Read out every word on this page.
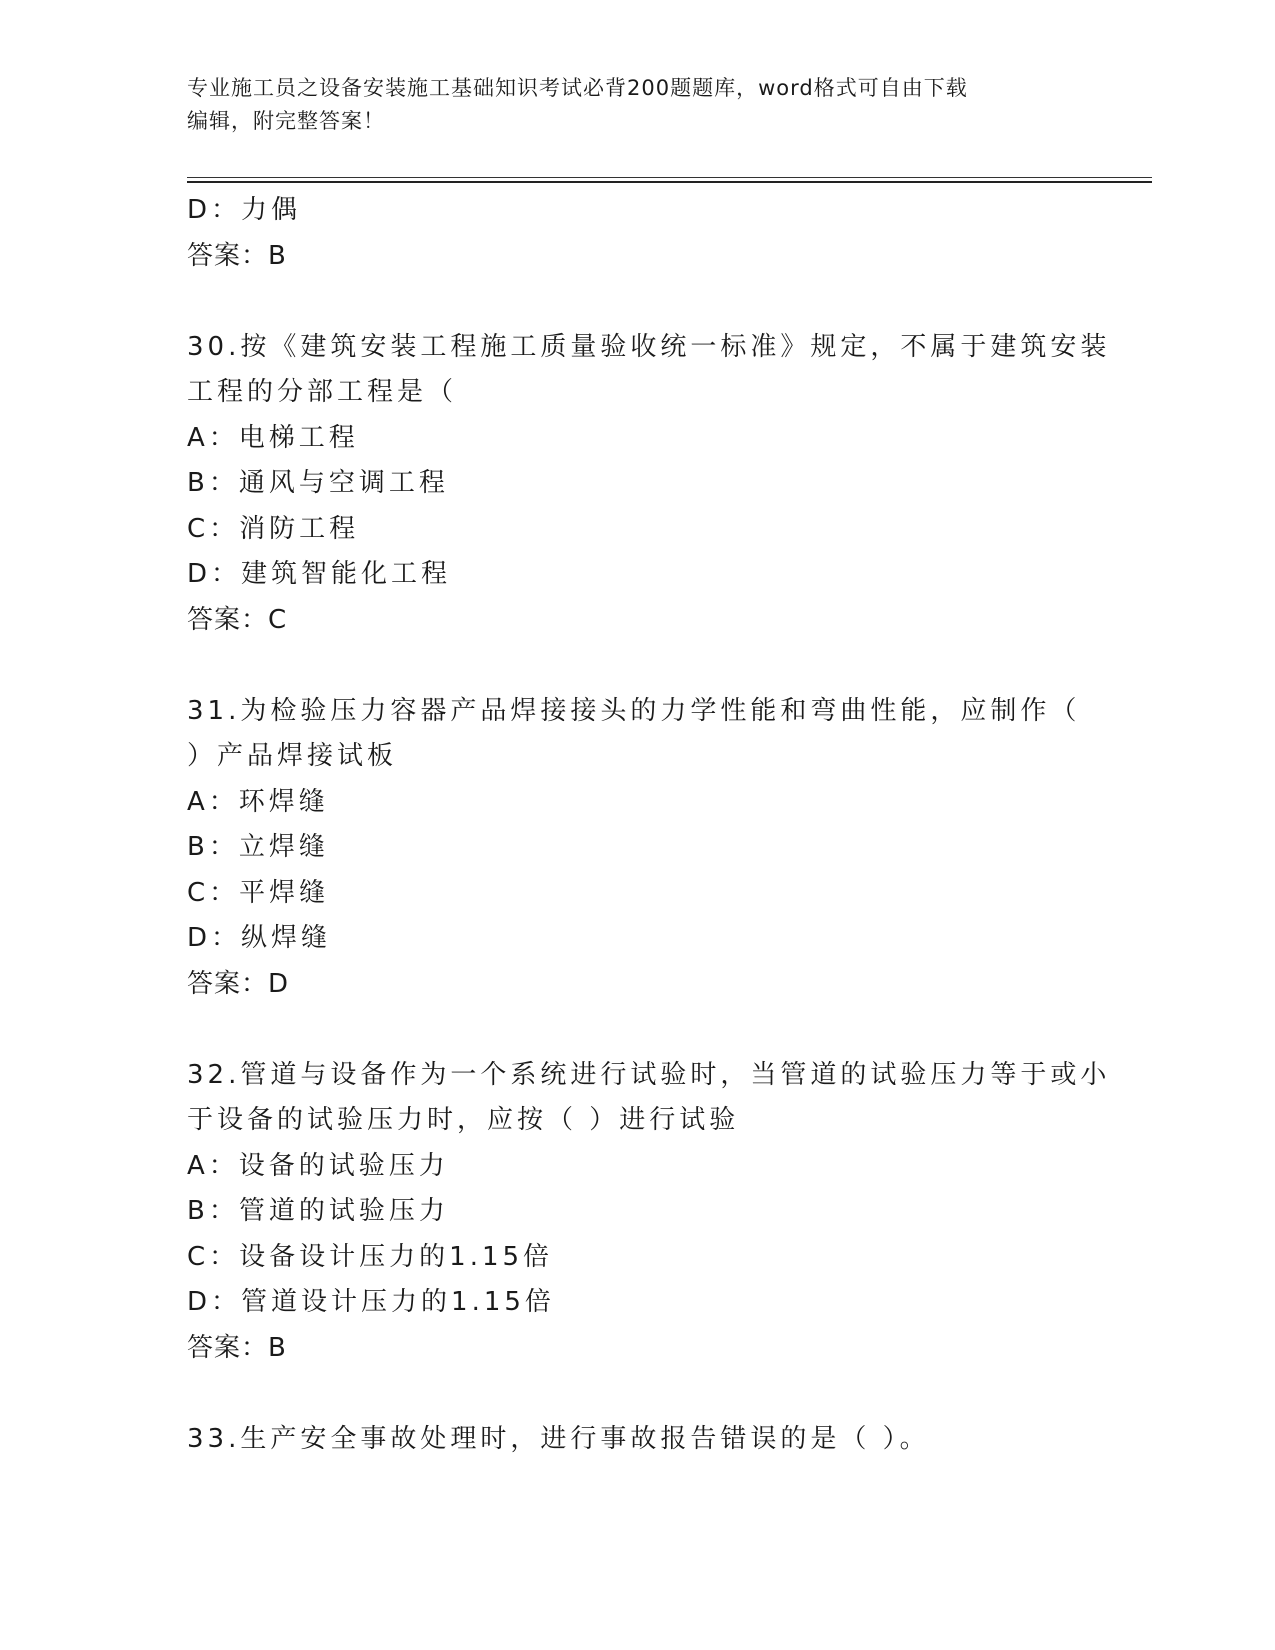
专业施工员之设备安装施工基础知识考试必背200题题库，word格式可自由下载
编辑，附完整答案！
D：力偶
答案：B
30.按《建筑安装工程施工质量验收统一标准》规定，不属于建筑安装
工程的分部工程是（
A：电梯工程
B：通风与空调工程
C：消防工程
D：建筑智能化工程
答案：C
31.为检验压力容器产品焊接接头的力学性能和弯曲性能，应制作（
）产品焊接试板
A：环焊缝
B：立焊缝
C：平焊缝
D：纵焊缝
答案：D
32.管道与设备作为一个系统进行试验时，当管道的试验压力等于或小
于设备的试验压力时，应按（ ）进行试验
A：设备的试验压力
B：管道的试验压力
C：设备设计压力的1.15倍
D：管道设计压力的1.15倍
答案：B
33.生产安全事故处理时，进行事故报告错误的是（ ）。
